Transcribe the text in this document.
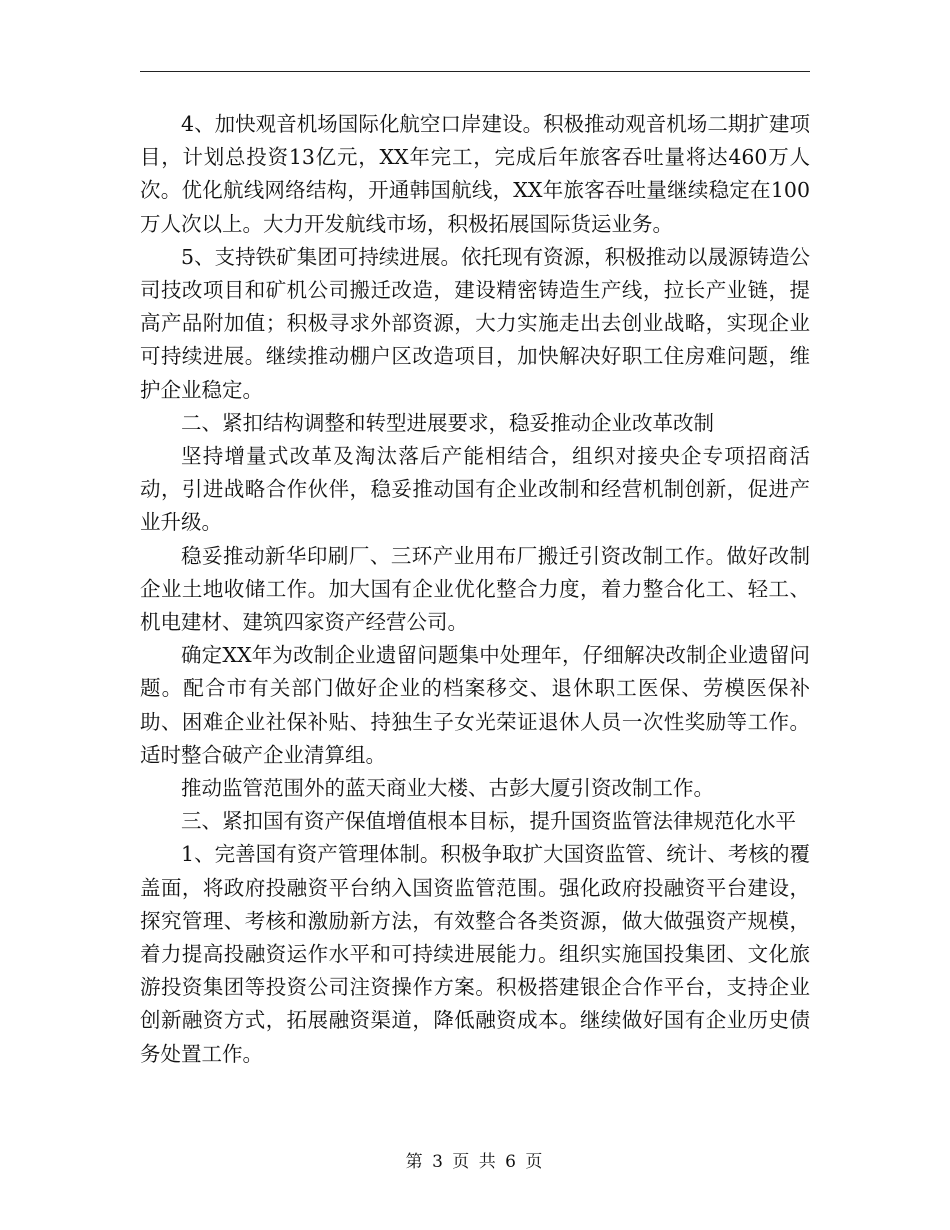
4、加快观音机场国际化航空口岸建设。积极推动观音机场二期扩建项目，计划总投资13亿元，XX年完工，完成后年旅客吞吐量将达460万人次。优化航线网络结构，开通韩国航线，XX年旅客吞吐量继续稳定在100万人次以上。大力开发航线市场，积极拓展国际货运业务。

5、支持铁矿集团可持续进展。依托现有资源，积极推动以晟源铸造公司技改项目和矿机公司搬迁改造，建设精密铸造生产线，拉长产业链，提高产品附加值；积极寻求外部资源，大力实施走出去创业战略，实现企业可持续进展。继续推动棚户区改造项目，加快解决好职工住房难问题，维护企业稳定。

二、紧扣结构调整和转型进展要求，稳妥推动企业改革改制

坚持增量式改革及淘汰落后产能相结合，组织对接央企专项招商活动，引进战略合作伙伴，稳妥推动国有企业改制和经营机制创新，促进产业升级。

稳妥推动新华印刷厂、三环产业用布厂搬迁引资改制工作。做好改制企业土地收储工作。加大国有企业优化整合力度，着力整合化工、轻工、机电建材、建筑四家资产经营公司。

确定XX年为改制企业遗留问题集中处理年，仔细解决改制企业遗留问题。配合市有关部门做好企业的档案移交、退休职工医保、劳模医保补助、困难企业社保补贴、持独生子女光荣证退休人员一次性奖励等工作。适时整合破产企业清算组。

推动监管范围外的蓝天商业大楼、古彭大厦引资改制工作。

三、紧扣国有资产保值增值根本目标，提升国资监管法律规范化水平

1、完善国有资产管理体制。积极争取扩大国资监管、统计、考核的覆盖面，将政府投融资平台纳入国资监管范围。强化政府投融资平台建设，探究管理、考核和激励新方法，有效整合各类资源，做大做强资产规模，着力提高投融资运作水平和可持续进展能力。组织实施国投集团、文化旅游投资集团等投资公司注资操作方案。积极搭建银企合作平台，支持企业创新融资方式，拓展融资渠道，降低融资成本。继续做好国有企业历史债务处置工作。

第 3 页 共 6 页
